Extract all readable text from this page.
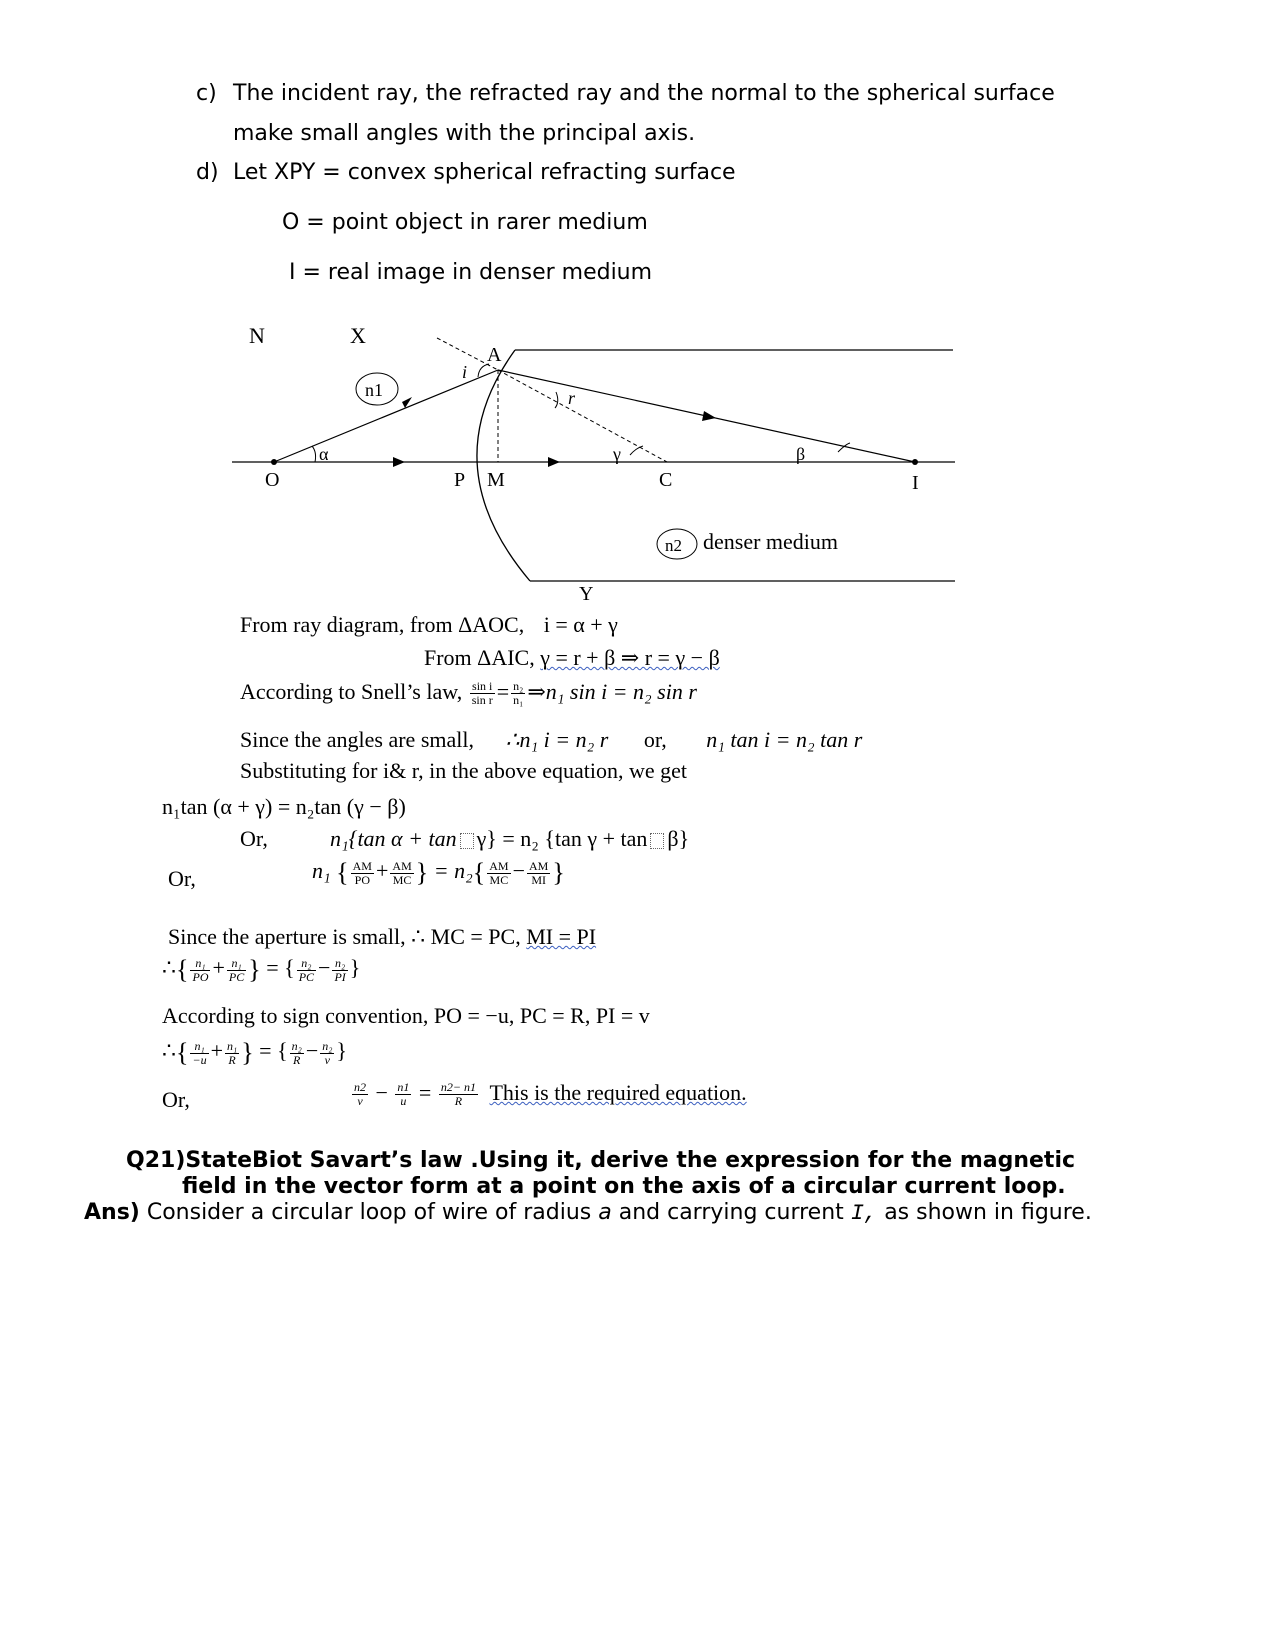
c) The incident ray, the refracted ray and the normal to the spherical surface
make small angles with the principal axis.
d) Let XPY = convex spherical refracting surface
O = point object in rarer medium
I = real image in denser medium
N	X
A
n1
i
r
α	γ	β
O	P M	C	I
Y
n2 denser medium
From ray diagram, from ΔAOC, i = α + γ
From ΔAIC, γ = r + β ⇒ r = γ − β
According to Snell’s law, $\frac{\text{sin i}}{\text{sin r}} = \frac{\text{n₂}}{\text{n₁}}$ ⇒n₁ sin i = n₂ sin r
Since the angles are small, ∴n₁ i = n₂ r or, n₁ tan i = n₂ tan r
Substituting for i& r, in the above equation, we get
n₁tan (α + γ) = n₂tan (γ − β)
Or,	n₁{tan α + tan γ} = n₂ {tan γ + tan β}
Or,	n₁ { $\frac{AM}{PO} + \frac{AM}{MC}$ } = $n_2\{ \frac{AM}{MC} - \frac{AM}{MI}$ }
Since the aperture is small, ∴ MC = PC, MI = PI
∴{ $\frac{\text{n₁}}{PO} + \frac{\text{n₁}}{PC}$ } = { $\frac{\text{n₂}}{PC} - \frac{\text{n₂}}{PI}$ }
According to sign convention, PO = −u, PC = R, PI = v
∴{ $\frac{\text{n₁}}{-u} + \frac{\text{n₁}}{R}$ } = { $\frac{\text{n₂}}{R} - \frac{\text{n₂}}{v}$ }
Or,	$\frac{n2}{v} - \frac{n1}{u} = \frac{n2- n1}{R}$ This is the required equation.
Q21)StateBiot Savart’s law .Using it, derive the expression for the magnetic
field in the vector form at a point on the axis of a circular current loop.
Ans) Consider a circular loop of wire of radius a and carrying current I, as shown in figure.
